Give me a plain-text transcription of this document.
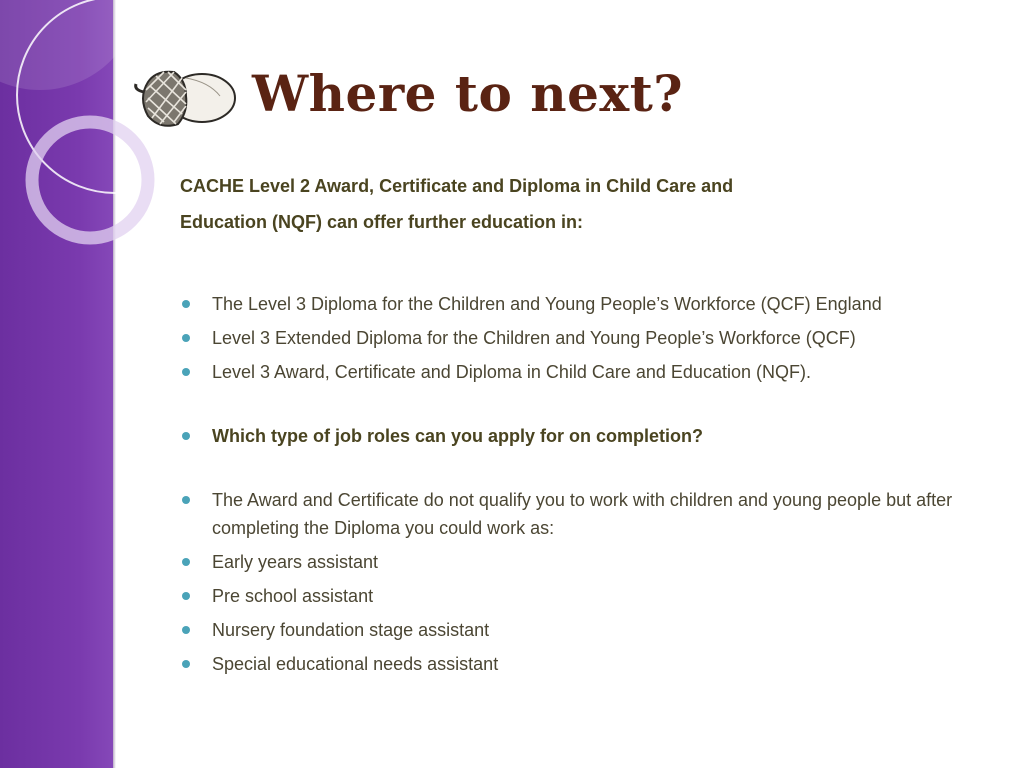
Where to next?

CACHE Level 2 Award, Certificate and Diploma in Child Care and

Education (NQF) can offer further education in:

The Level 3 Diploma for the Children and Young People’s Workforce (QCF) England
Level 3 Extended Diploma for the Children and Young People’s Workforce (QCF)
Level 3 Award, Certificate and Diploma in Child Care and Education (NQF).
Which type of job roles can you apply for on completion?
The Award and Certificate do not qualify you to work with children and young people but after completing the Diploma you could work as:
Early years assistant
Pre school assistant
Nursery foundation stage assistant
Special educational needs assistant
